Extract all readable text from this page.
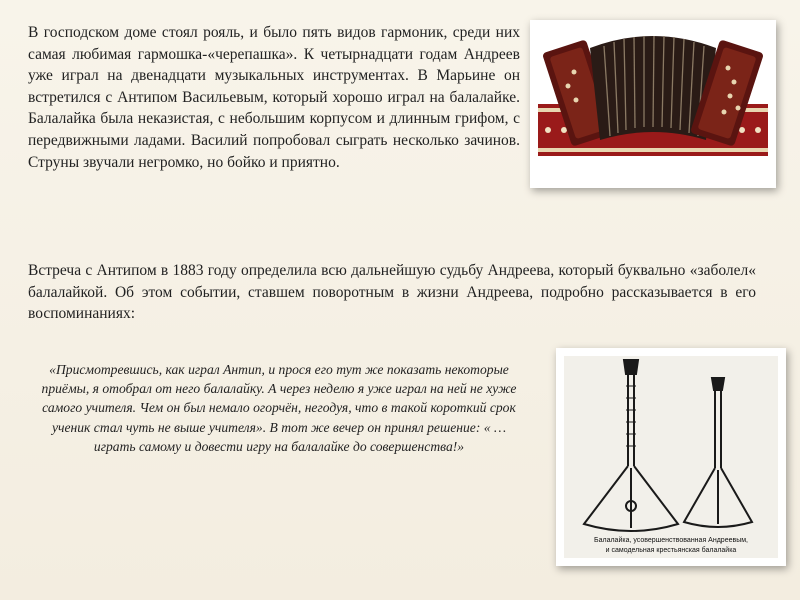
В господском доме стоял рояль, и было пять видов гармоник, среди них самая любимая гармошка-«черепашка». К четырнадцати годам Андреев уже играл на двенадцати музыкальных инструментах. В Марьине он встретился с Антипом Васильевым, который хорошо играл на балалайке. Балалайка была неказистая, с небольшим корпусом и длинным грифом, с передвижными ладами. Василий попробовал сыграть несколько зачинов. Струны звучали негромко, но бойко и приятно.

Встреча с Антипом в 1883 году определила всю дальнейшую судьбу Андреева, который буквально «заболел« балалайкой. Об этом событии, ставшем поворотным в жизни Андреева, подробно рассказывается в его воспоминаниях:

«Присмотревшись, как играл Антип, и прося его тут же показать некоторые приёмы, я отобрал от него балалайку. А через неделю я уже играл на ней не хуже самого учителя. Чем он был немало огорчён, негодуя, что в такой короткий срок ученик стал чуть не выше учителя». В тот же вечер он принял решение: « … играть самому и довести игру на балалайке до совершенства!»

Балалайка, усовершенствованная Андреевым,
и самодельная крестьянская балалайка
